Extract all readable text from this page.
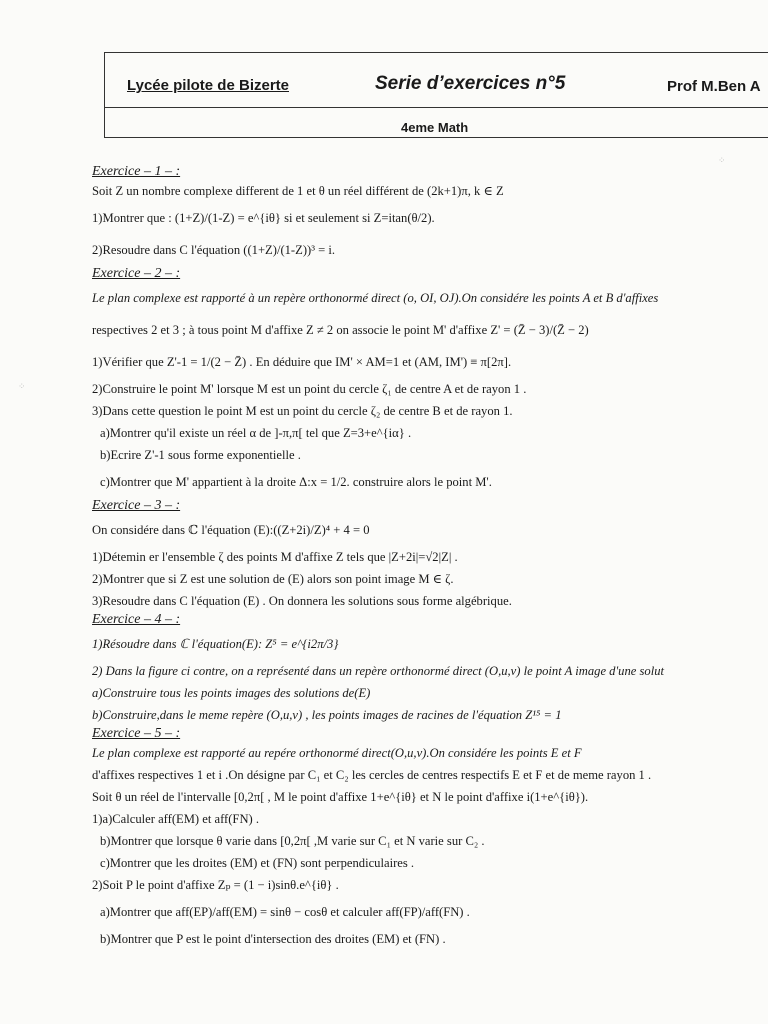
Lycée pilote de Bizerte	Serie d’exercices n°5	Prof M.Ben A
4eme Math
⁘
⁘

Exercice – 1 – :

Soit Z un nombre complexe different de 1 et θ un réel différent de (2k+1)π, k ∈ Z

1)Montrer que : (1+Z)/(1-Z) = e^{iθ} si et seulement si Z=itan(θ/2).

2)Resoudre dans C l'équation ((1+Z)/(1-Z))³ = i.

Exercice – 2 – :

Le plan complexe est rapporté à un repère orthonormé direct (o, OI, OJ).On considére les points A et B d'affixes

respectives 2 et 3 ; à tous point M d'affixe Z ≠ 2 on associe le point M' d'affixe Z' = (Z̄ − 3)/(Z̄ − 2)

1)Vérifier que Z'-1 = 1/(2 − Z̄) . En déduire que IM' × AM=1 et (AM, IM') ≡ π[2π].

2)Construire le point M' lorsque M est un point du cercle ζ₁ de centre A et de rayon 1 .

3)Dans cette question le point M est un point du cercle ζ₂ de centre B et de rayon 1.

a)Montrer qu'il existe un réel α de ]-π,π[ tel que Z=3+e^{iα} .

b)Ecrire Z'-1 sous forme exponentielle .

c)Montrer que M' appartient à la droite Δ:x = 1/2. construire alors le point M'.

Exercice – 3 – :

On considére dans ℂ l'équation (E):((Z+2i)/Z)⁴ + 4 = 0

1)Détemin er l'ensemble ζ des points M d'affixe Z tels que |Z+2i|=√2|Z| .

2)Montrer que si Z est une solution de (E) alors son point image M ∈ ζ.

3)Resoudre dans C l'équation (E) . On donnera les solutions sous forme algébrique.

Exercice – 4 – :

1)Résoudre dans ℂ l'équation(E): Z⁵ = e^{i2π/3}

2) Dans la figure ci contre, on a représenté dans un repère orthonormé direct (O,u,v) le point A image d'une solut

a)Construire tous les points images des solutions de(E)

b)Construire,dans le meme repère (O,u,v) , les points images de racines de l'équation Z¹⁵ = 1

Exercice – 5 – :

Le plan complexe est rapporté au repére orthonormé direct(O,u,v).On considére les points E et F

d'affixes respectives 1 et i .On désigne par C₁ et C₂ les cercles de centres respectifs E et F et de meme rayon 1 .

Soit θ un réel de l'intervalle [0,2π[ , M le point d'affixe 1+e^{iθ} et N le point d'affixe i(1+e^{iθ}).

1)a)Calculer aff(EM) et aff(FN) .

b)Montrer que lorsque θ varie dans [0,2π[ ,M varie sur C₁ et N varie sur C₂ .

c)Montrer que les droites (EM) et (FN) sont perpendiculaires .

2)Soit P le point d'affixe Zₚ = (1 − i)sinθ.e^{iθ} .

a)Montrer que aff(EP)/aff(EM) = sinθ − cosθ et calculer aff(FP)/aff(FN) .

b)Montrer que P est le point d'intersection des droites (EM) et (FN) .
